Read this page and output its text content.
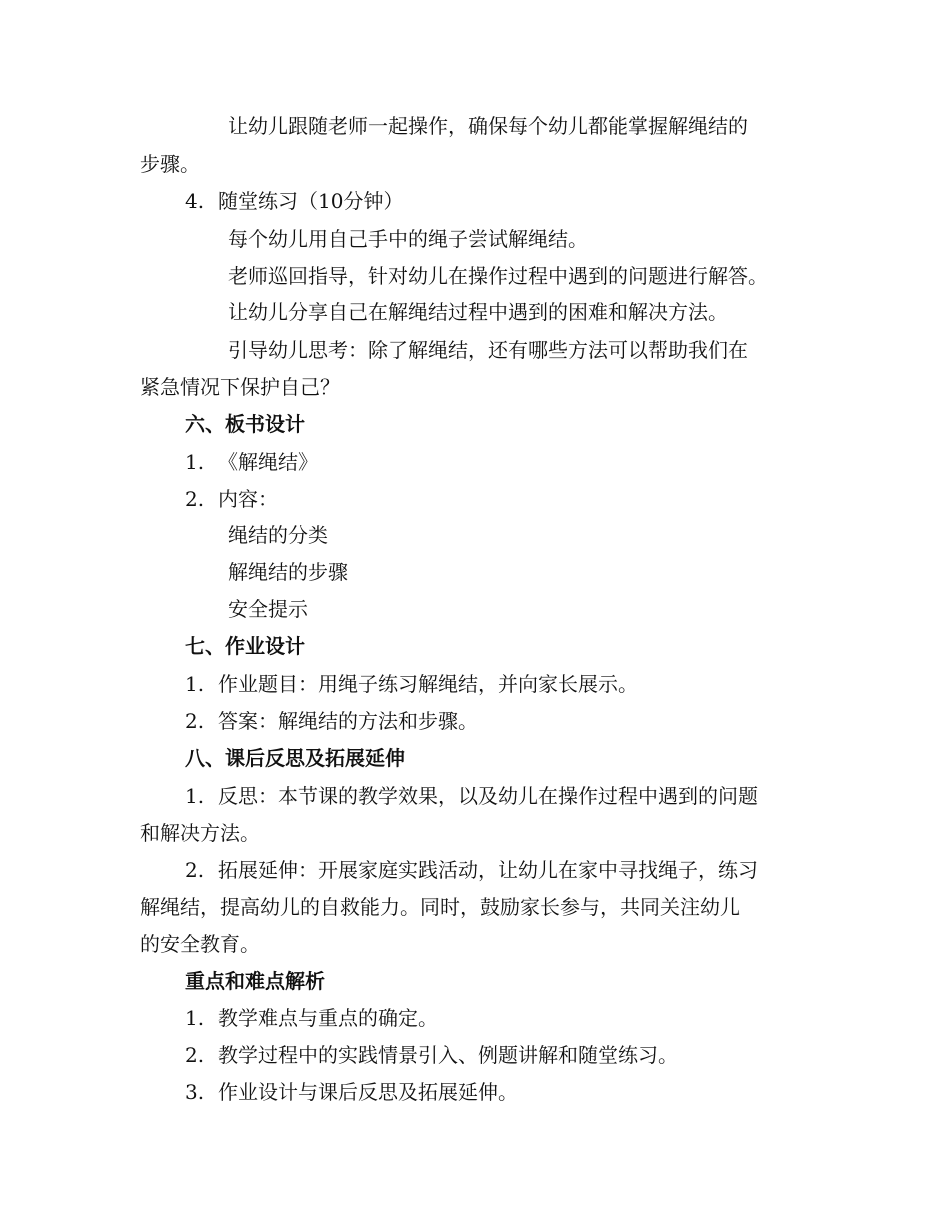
让幼儿跟随老师一起操作，确保每个幼儿都能掌握解绳结的
步骤。
4. 随堂练习（10分钟）
每个幼儿用自己手中的绳子尝试解绳结。
老师巡回指导，针对幼儿在操作过程中遇到的问题进行解答。
让幼儿分享自己在解绳结过程中遇到的困难和解决方法。
引导幼儿思考：除了解绳结，还有哪些方法可以帮助我们在
紧急情况下保护自己？
六、板书设计
1. 《解绳结》
2. 内容：
绳结的分类
解绳结的步骤
安全提示
七、作业设计
1. 作业题目：用绳子练习解绳结，并向家长展示。
2. 答案：解绳结的方法和步骤。
八、课后反思及拓展延伸
1. 反思：本节课的教学效果，以及幼儿在操作过程中遇到的问题
和解决方法。
2. 拓展延伸：开展家庭实践活动，让幼儿在家中寻找绳子，练习
解绳结，提高幼儿的自救能力。同时，鼓励家长参与，共同关注幼儿
的安全教育。
重点和难点解析
1. 教学难点与重点的确定。
2. 教学过程中的实践情景引入、例题讲解和随堂练习。
3. 作业设计与课后反思及拓展延伸。
